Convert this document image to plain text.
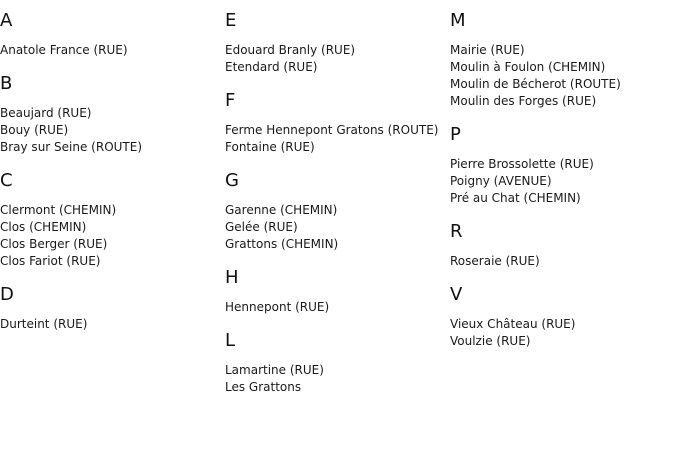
A
Anatole France (RUE)
B
Beaujard (RUE)
Bouy (RUE)
Bray sur Seine (ROUTE)
C
Clermont (CHEMIN)
Clos (CHEMIN)
Clos Berger (RUE)
Clos Fariot (RUE)
D
Durteint (RUE)
E
Edouard Branly (RUE)
Etendard (RUE)
F
Ferme Hennepont Gratons (ROUTE)
Fontaine (RUE)
G
Garenne (CHEMIN)
Gelée (RUE)
Grattons (CHEMIN)
H
Hennepont (RUE)
L
Lamartine (RUE)
Les Grattons
M
Mairie (RUE)
Moulin à Foulon (CHEMIN)
Moulin de Bécherot (ROUTE)
Moulin des Forges (RUE)
P
Pierre Brossolette (RUE)
Poigny (AVENUE)
Pré au Chat (CHEMIN)
R
Roseraie (RUE)
V
Vieux Château (RUE)
Voulzie (RUE)
